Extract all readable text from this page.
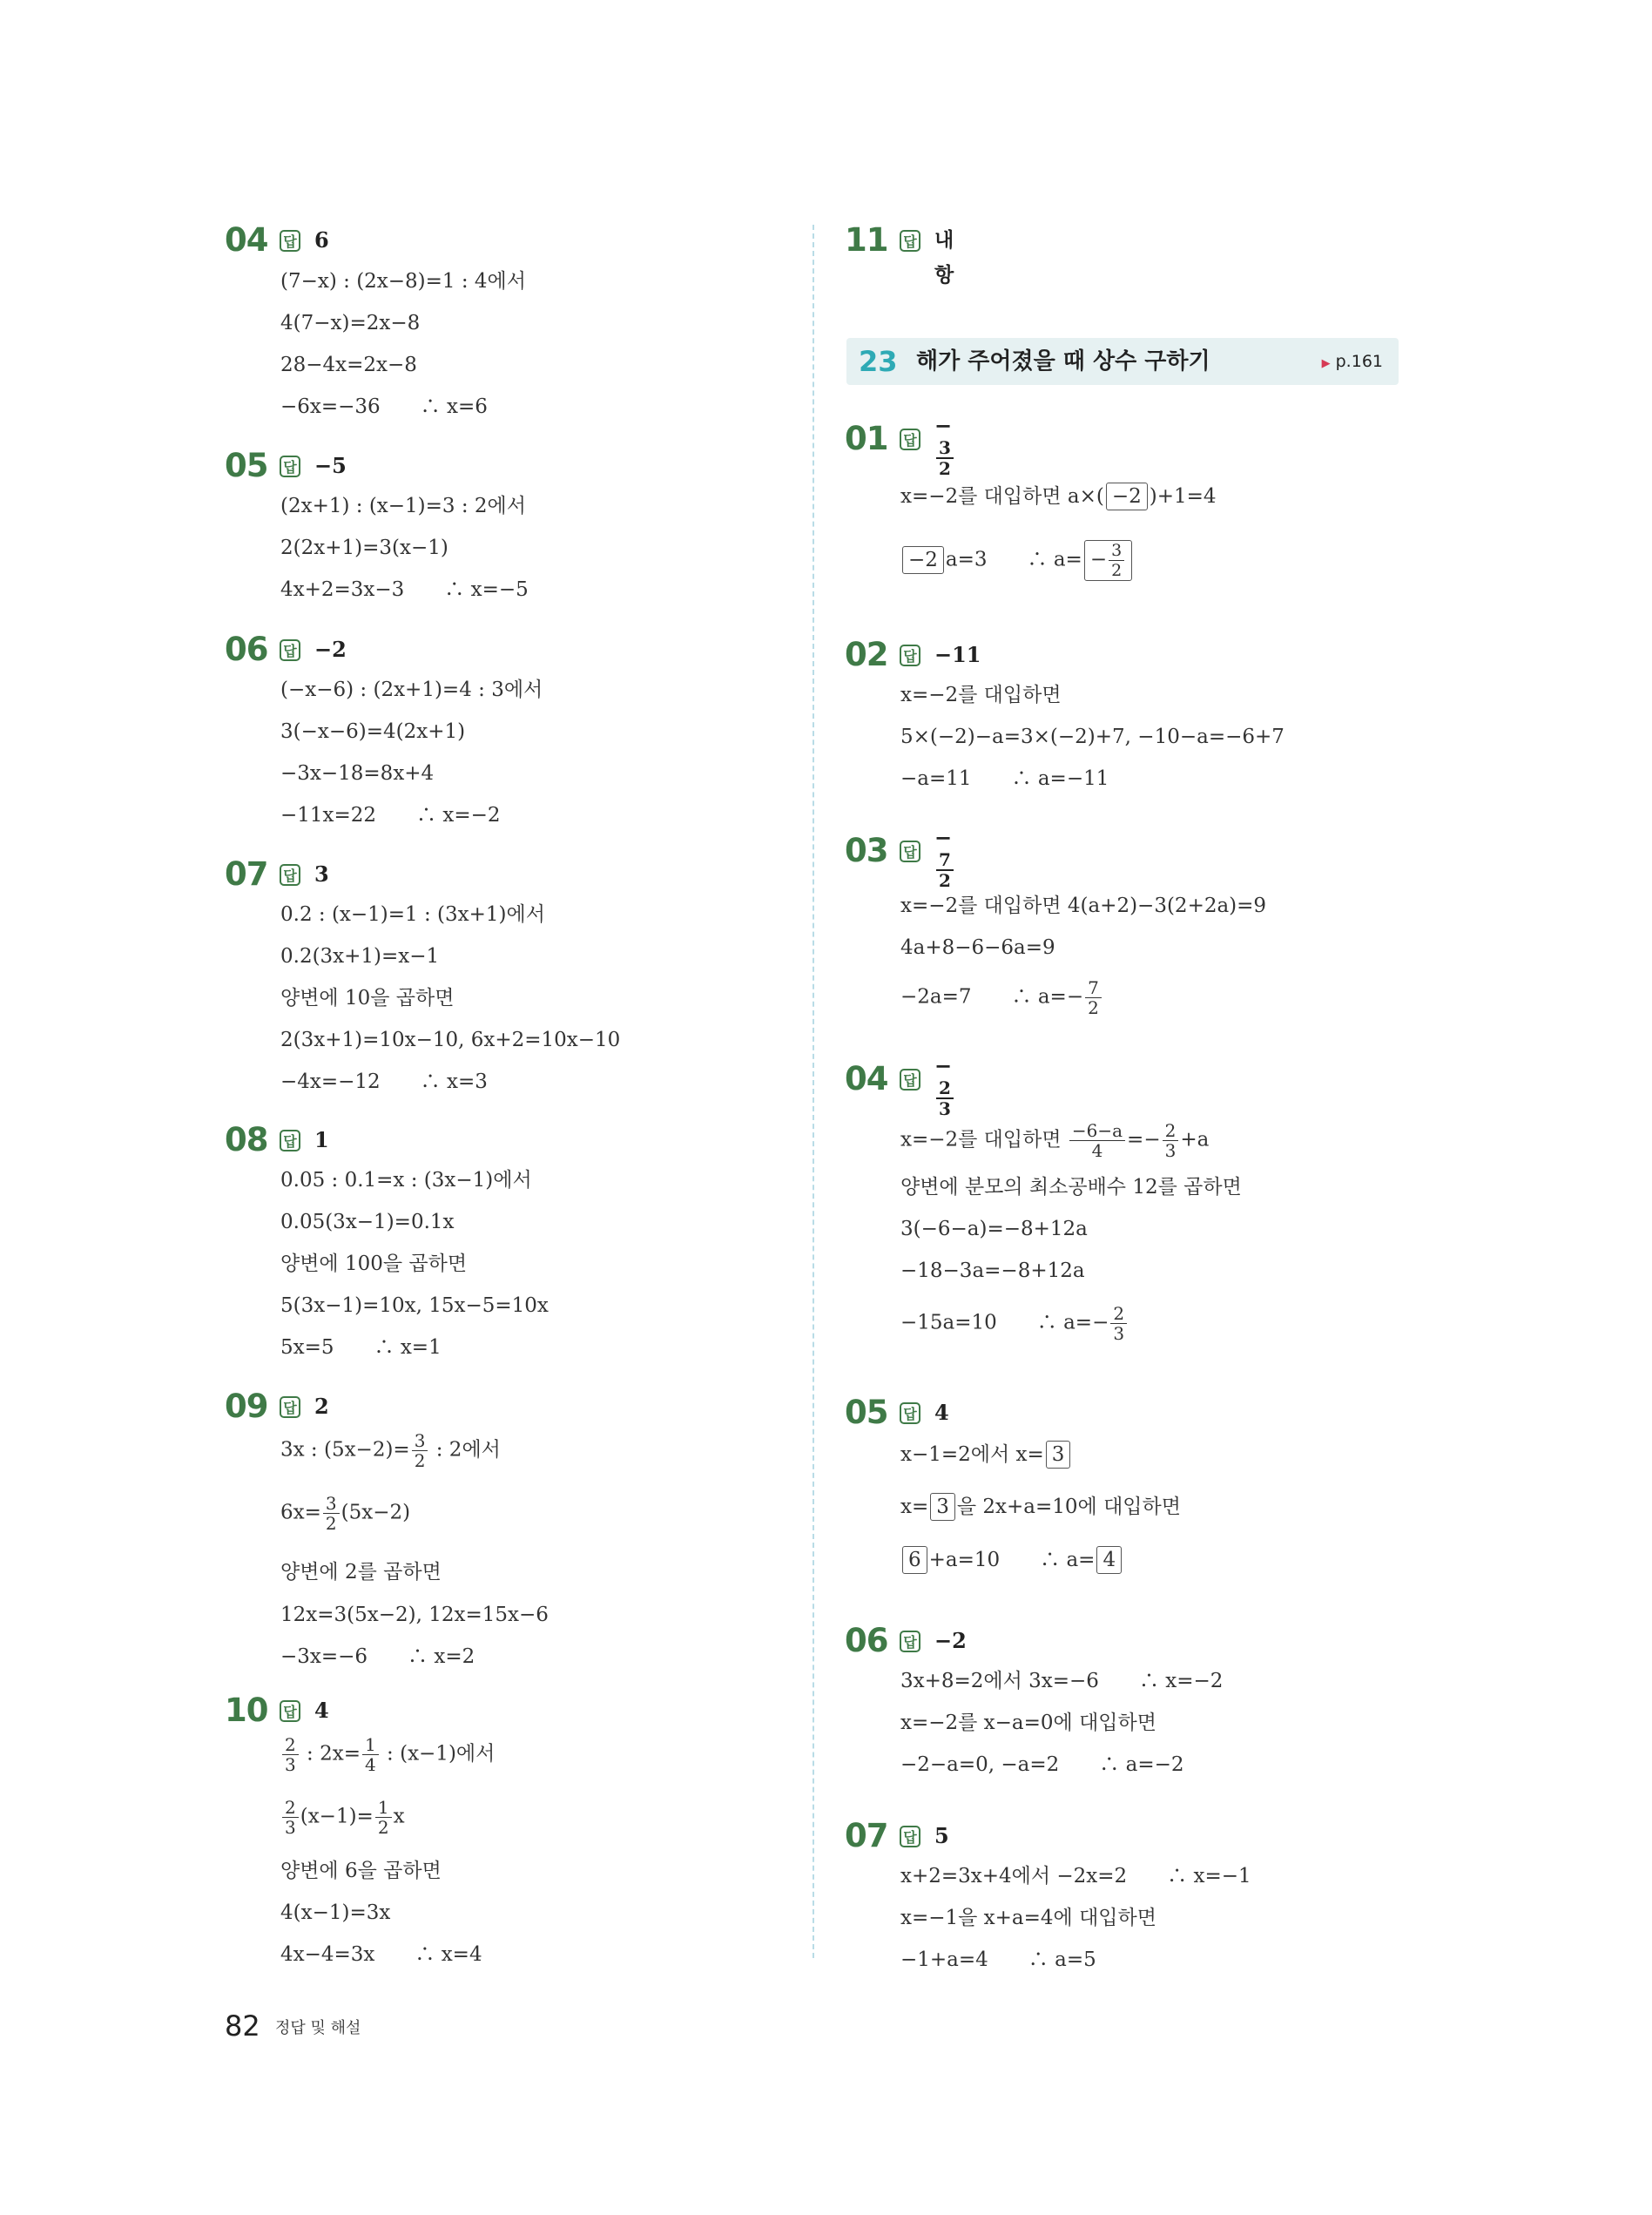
04 답 6
(7−x) : (2x−8)=1 : 4에서
4(7−x)=2x−8
28−4x=2x−8
−6x=−36　　∴ x=6
05 답 −5
(2x+1) : (x−1)=3 : 2에서
2(2x+1)=3(x−1)
4x+2=3x−3　　∴ x=−5
06 답 −2
(−x−6) : (2x+1)=4 : 3에서
3(−x−6)=4(2x+1)
−3x−18=8x+4
−11x=22　　∴ x=−2
07 답 3
0.2 : (x−1)=1 : (3x+1)에서
0.2(3x+1)=x−1
양변에 10을 곱하면
2(3x+1)=10x−10, 6x+2=10x−10
−4x=−12　　∴ x=3
08 답 1
0.05 : 0.1=x : (3x−1)에서
0.05(3x−1)=0.1x
양변에 100을 곱하면
5(3x−1)=10x, 15x−5=10x
5x=5　　∴ x=1
09 답 2
3x : $(5x-2)= \frac{3}{2}$ : 2에서
$6x= \frac{3}{2} (5x-2)$
양변에 2를 곱하면
12x=3(5x−2), 12x=15x−6
−3x=−6　　∴ x=2
10 답 4
$\frac{2}{3}$ : $2x= \frac{1}{4}$ : (x−1)에서
$\frac{2}{3} (x-1)= \frac{1}{2}$ x
양변에 6을 곱하면
4(x−1)=3x
4x−4=3x　　∴ x=4
11 답 내항
01 답
−
$\frac{3}{2}$
x=−2를 대입하면 a×( −2 )+1=4
−2 a=3　　∴ $a= - \frac{3}{2}$
02 답 −11
x=−2를 대입하면
5×(−2)−a=3×(−2)+7, −10−a=−6+7
−a=11　　∴ a=−11
03 답
−
$\frac{7}{2}$
x=−2를 대입하면 4(a+2)−3(2+2a)=9
4a+8−6−6a=9
−2a=7　　∴ $a=- \frac{7}{2}$
04 답
−
$\frac{2}{3}$
x=−2를 대입하면 $\frac{-6-a}{4} =- \frac{2}{3} +a$
양변에 분모의 최소공배수 12를 곱하면
3(−6−a)=−8+12a
−18−3a=−8+12a
−15a=10　　∴ $a=- \frac{2}{3}$
05 답 4
x−1=2에서 x= 3
x= 3 을 2x+a=10에 대입하면
6 +a=10　　∴ a= 4
06 답 −2
3x+8=2에서 3x=−6　　∴ x=−2
x=−2를 x−a=0에 대입하면
−2−a=0, −a=2　　∴ a=−2
07 답 5
x+2=3x+4에서 −2x=2　　∴ x=−1
x=−1을 x+a=4에 대입하면
−1+a=4　　∴ a=5
23 해가 주어졌을 때 상수 구하기	▶ p.161
82 정답 및 해설
